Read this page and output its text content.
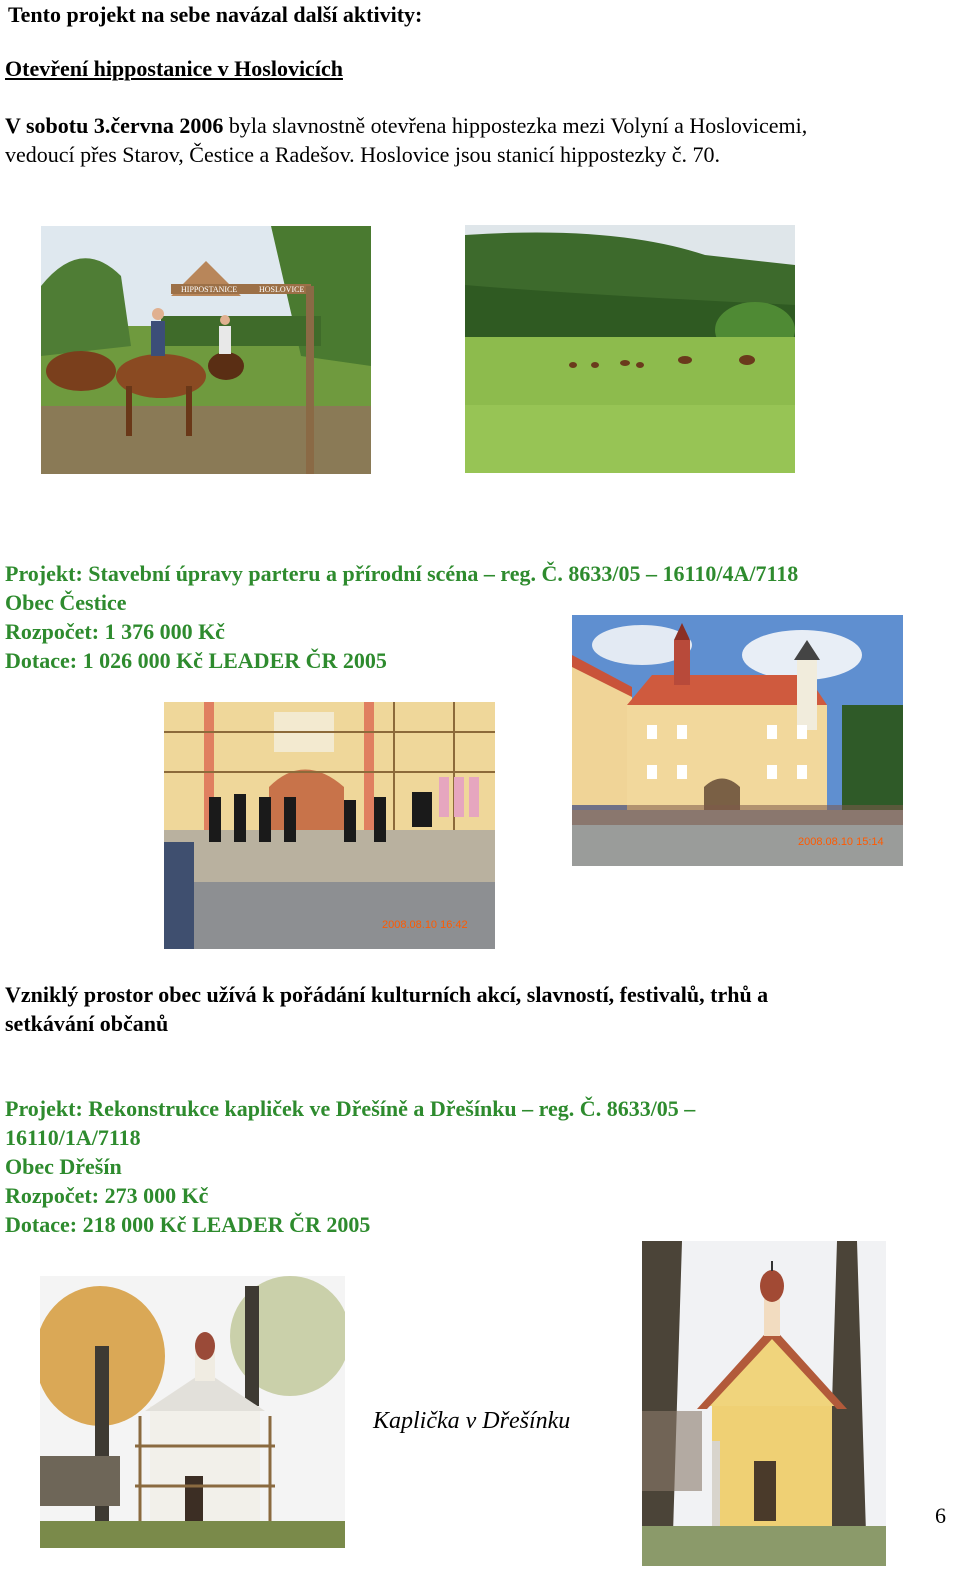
Tento projekt na sebe navázal další aktivity:
Otevření hippostanice v Hoslovicích
V sobotu 3.června 2006 byla slavnostně otevřena hippostezka mezi Volyní a Hoslovicemi,
vedoucí přes Starov, Čestice a Radešov. Hoslovice jsou stanicí hippostezky č. 70.
HIPPOSTANICE	HOSLOVICE
Projekt: Stavební úpravy parteru a přírodní scéna – reg. Č. 8633/05 – 16110/4A/7118
Obec Čestice
Rozpočet: 1 376 000 Kč
Dotace: 1 026 000 Kč LEADER ČR 2005
2008.08.10 15:14
2008.08.10 16:42
Vzniklý prostor obec užívá k pořádání kulturních akcí, slavností, festivalů, trhů a
setkávání občanů
Projekt: Rekonstrukce kapliček ve Dřešíně a Dřešínku – reg. Č. 8633/05 –
16110/1A/7118
Obec Dřešín
Rozpočet: 273 000 Kč
Dotace: 218 000 Kč LEADER ČR 2005
Kaplička v Dřešínku
6
